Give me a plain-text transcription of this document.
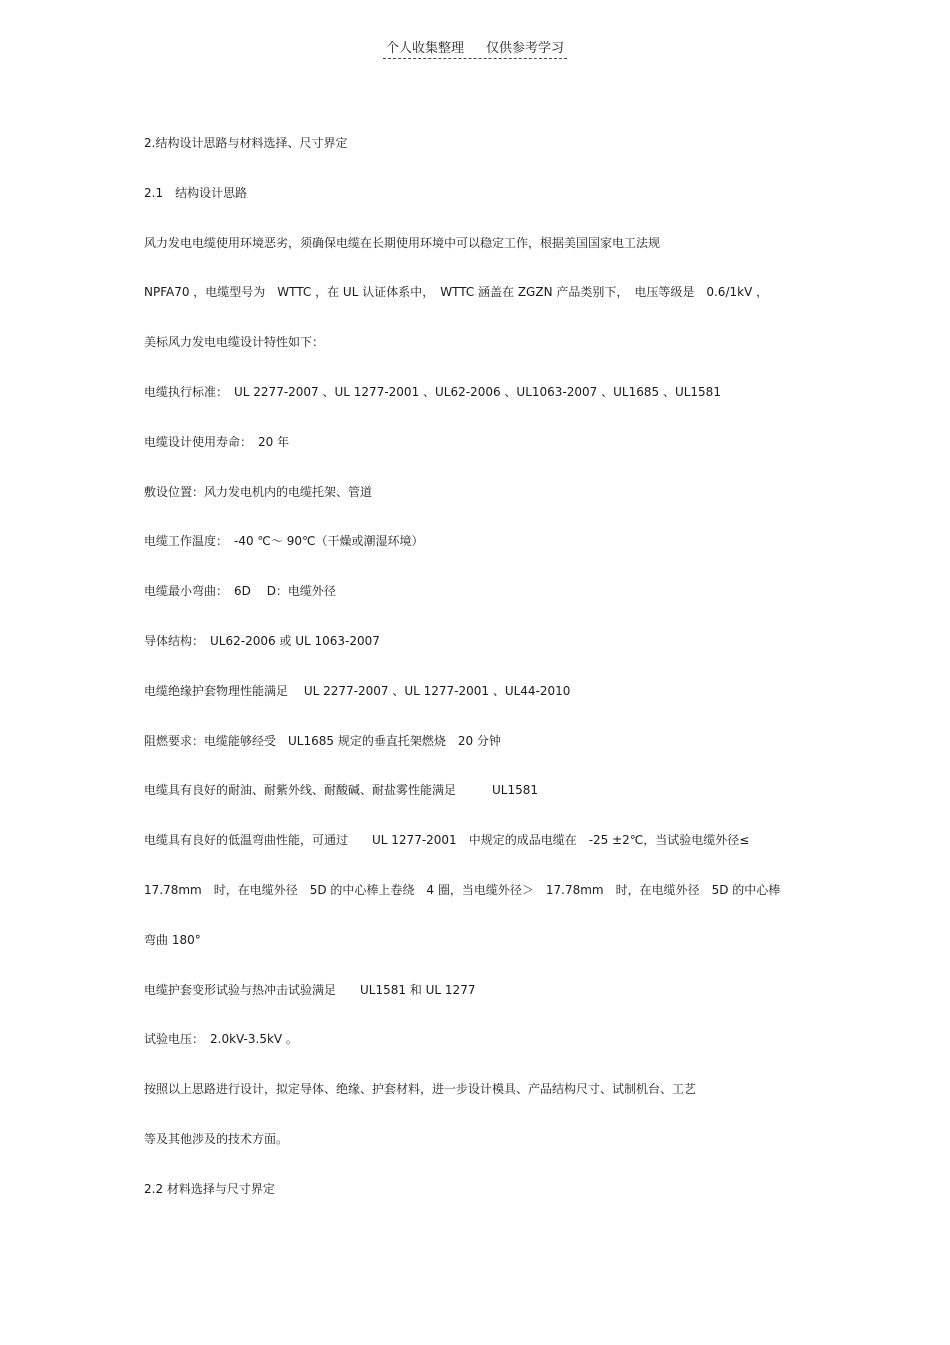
个人收集整理 仅供参考学习
2.结构设计思路与材料选择、尺寸界定
2.1　结构设计思路
风力发电电缆使用环境恶劣，须确保电缆在长期使用环境中可以稳定工作，根据美国国家电工法规
NPFA70 ，电缆型号为　WTTC ，在 UL 认证体系中，　WTTC 涵盖在 ZGZN 产品类别下，　电压等级是　0.6/1kV ，
美标风力发电电缆设计特性如下：
电缆执行标准：　UL 2277-2007 、UL 1277-2001 、UL62-2006 、UL1063-2007 、UL1685 、UL1581
电缆设计使用寿命：　20 年
敷设位置：风力发电机内的电缆托架、管道
电缆工作温度：　-40 ℃～ 90℃（干燥或潮湿环境）
电缆最小弯曲：　6D　 D：电缆外径
导体结构：　UL62-2006 或 UL 1063-2007
电缆绝缘护套物理性能满足　 UL 2277-2007 、UL 1277-2001 、UL44-2010
阻燃要求：电缆能够经受　UL1685 规定的垂直托架燃烧　20 分钟
电缆具有良好的耐油、耐紫外线、耐酸碱、耐盐雾性能满足　　　UL1581
电缆具有良好的低温弯曲性能，可通过　　UL 1277-2001　中规定的成品电缆在　-25 ±2℃，当试验电缆外径≤
17.78mm　时，在电缆外径　5D 的中心棒上卷绕　4 圈，当电缆外径＞　17.78mm　时，在电缆外径　5D 的中心棒
弯曲 180°
电缆护套变形试验与热冲击试验满足　　UL1581 和 UL 1277
试验电压：　2.0kV-3.5kV 。
按照以上思路进行设计，拟定导体、绝缘、护套材料，进一步设计模具、产品结构尺寸、试制机台、工艺
等及其他涉及的技术方面。
2.2 材料选择与尺寸界定
